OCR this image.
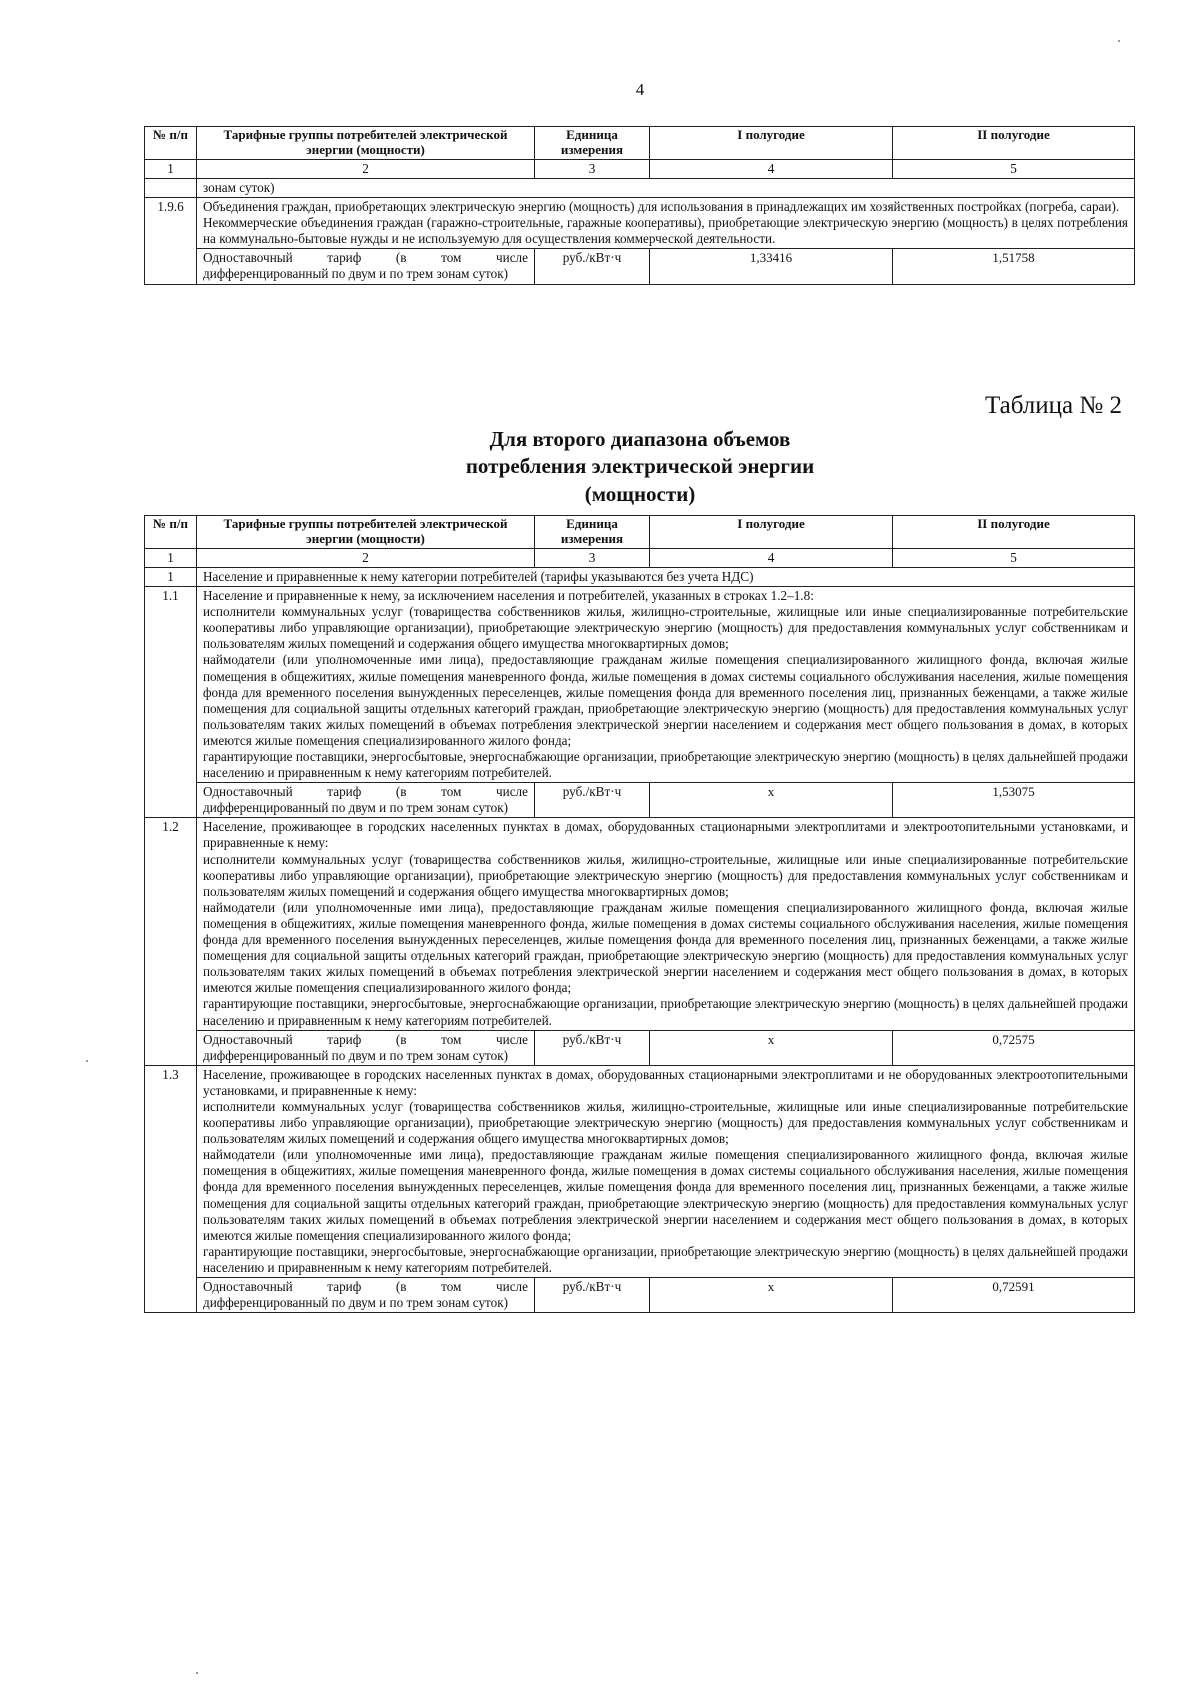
4
№ п/п	Тарифные группы потребителей электрической энергии (мощности)	Единица измерения	I полугодие	II полугодие
1	2	3	4	5
	зонам суток)			
1.9.6	Объединения граждан, приобретающих электрическую энергию (мощность) для использования в принадлежащих им хозяйственных постройках (погреба, сараи).
Некоммерческие объединения граждан (гаражно-строительные, гаражные кооперативы), приобретающие электрическую энергию (мощность) в целях потребления на коммунально-бытовые нужды и не используемую для осуществления коммерческой деятельности.			

	Одноставочный тариф (в том числе дифференцированный по двум и по трем зонам суток)	руб./кВт·ч	1,33416	1,51758
Таблица № 2
Для второго диапазона объемов потребления электрической энергии (мощности)
№ п/п	Тарифные группы потребителей электрической энергии (мощности)	Единица измерения	I полугодие	II полугодие
1	2	3	4	5
1	Население и приравненные к нему категории потребителей (тарифы указываются без учета НДС)			
1.1	Население и приравненные к нему, за исключением населения и потребителей, указанных в строках 1.2–1.8:
исполнители коммунальных услуг (товарищества собственников жилья, жилищно-строительные, жилищные или иные специализированные потребительские кооперативы либо управляющие организации), приобретающие электрическую энергию (мощность) для предоставления коммунальных услуг собственникам и пользователям жилых помещений и содержания общего имущества многоквартирных домов;
наймодатели (или уполномоченные ими лица), предоставляющие гражданам жилые помещения специализированного жилищного фонда, включая жилые помещения в общежитиях, жилые помещения маневренного фонда, жилые помещения в домах системы социального обслуживания населения, жилые помещения фонда для временного поселения вынужденных переселенцев, жилые помещения фонда для временного поселения лиц, признанных беженцами, а также жилые помещения для социальной защиты отдельных категорий граждан, приобретающие электрическую энергию (мощность) для предоставления коммунальных услуг пользователям таких жилых помещений в объемах потребления электрической энергии населением и содержания мест общего пользования в домах, в которых имеются жилые помещения специализированного жилого фонда;
гарантирующие поставщики, энергосбытовые, энергоснабжающие организации, приобретающие электрическую энергию (мощность) в целях дальнейшей продажи населению и приравненным к нему категориям потребителей.			

	Одноставочный тариф (в том числе дифференцированный по двум и по трем зонам суток)	руб./кВт·ч	x	1,53075
1.2	Население, проживающее в городских населенных пунктах в домах, оборудованных стационарными электроплитами и электроотопительными установками, и приравненные к нему:
исполнители коммунальных услуг (товарищества собственников жилья, жилищно-строительные, жилищные или иные специализированные потребительские кооперативы либо управляющие организации), приобретающие электрическую энергию (мощность) для предоставления коммунальных услуг собственникам и пользователям жилых помещений и содержания общего имущества многоквартирных домов;
наймодатели (или уполномоченные ими лица), предоставляющие гражданам жилые помещения специализированного жилищного фонда, включая жилые помещения в общежитиях, жилые помещения маневренного фонда, жилые помещения в домах системы социального обслуживания населения, жилые помещения фонда для временного поселения вынужденных переселенцев, жилые помещения фонда для временного поселения лиц, признанных беженцами, а также жилые помещения для социальной защиты отдельных категорий граждан, приобретающие электрическую энергию (мощность) для предоставления коммунальных услуг пользователям таких жилых помещений в объемах потребления электрической энергии населением и содержания мест общего пользования в домах, в которых имеются жилые помещения специализированного жилого фонда;
гарантирующие поставщики, энергосбытовые, энергоснабжающие организации, приобретающие электрическую энергию (мощность) в целях дальнейшей продажи населению и приравненным к нему категориям потребителей.			

	Одноставочный тариф (в том числе дифференцированный по двум и по трем зонам суток)	руб./кВт·ч	x	0,72575
1.3	Население, проживающее в городских населенных пунктах в домах, оборудованных стационарными электроплитами и не оборудованных электроотопительными установками, и приравненные к нему:
исполнители коммунальных услуг (товарищества собственников жилья, жилищно-строительные, жилищные или иные специализированные потребительские кооперативы либо управляющие организации), приобретающие электрическую энергию (мощность) для предоставления коммунальных услуг собственникам и пользователям жилых помещений и содержания общего имущества многоквартирных домов;
наймодатели (или уполномоченные ими лица), предоставляющие гражданам жилые помещения специализированного жилищного фонда, включая жилые помещения в общежитиях, жилые помещения маневренного фонда, жилые помещения в домах системы социального обслуживания населения, жилые помещения фонда для временного поселения вынужденных переселенцев, жилые помещения фонда для временного поселения лиц, признанных беженцами, а также жилые помещения для социальной защиты отдельных категорий граждан, приобретающие электрическую энергию (мощность) для предоставления коммунальных услуг пользователям таких жилых помещений в объемах потребления электрической энергии населением и содержания мест общего пользования в домах, в которых имеются жилые помещения специализированного жилого фонда;
гарантирующие поставщики, энергосбытовые, энергоснабжающие организации, приобретающие электрическую энергию (мощность) в целях дальнейшей продажи населению и приравненным к нему категориям потребителей.			

	Одноставочный тариф (в том числе дифференцированный по двум и по трем зонам суток)	руб./кВт·ч	x	0,72591
